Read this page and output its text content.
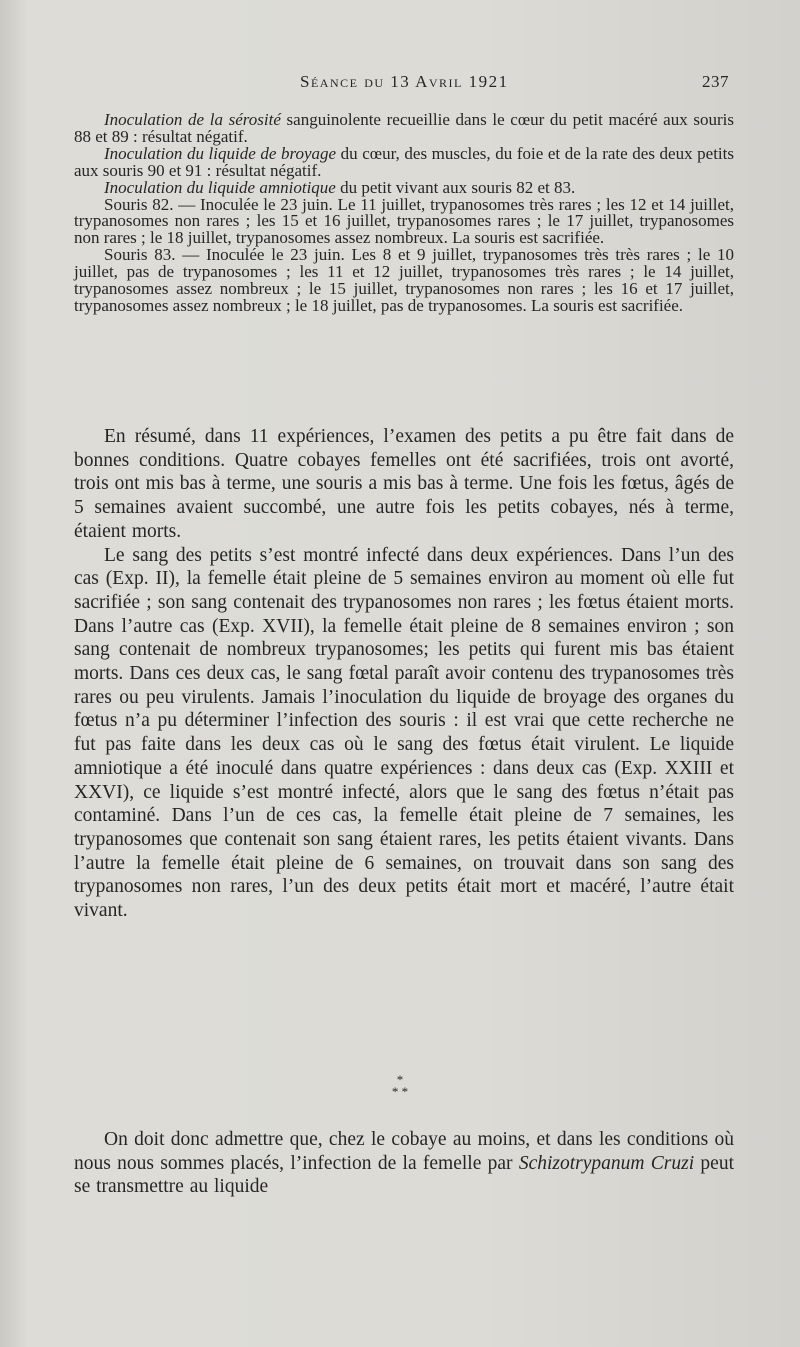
Séance du 13 Avril 1921	237

Inoculation de la sérosité sanguinolente recueillie dans le cœur du petit macéré aux souris 88 et 89 : résultat négatif.

Inoculation du liquide de broyage du cœur, des muscles, du foie et de la rate des deux petits aux souris 90 et 91 : résultat négatif.

Inoculation du liquide amniotique du petit vivant aux souris 82 et 83.

Souris 82. — Inoculée le 23 juin. Le 11 juillet, trypanosomes très rares ; les 12 et 14 juillet, trypanosomes non rares ; les 15 et 16 juillet, trypanosomes rares ; le 17 juillet, trypanosomes non rares ; le 18 juillet, trypanosomes assez nombreux. La souris est sacrifiée.

Souris 83. — Inoculée le 23 juin. Les 8 et 9 juillet, trypanosomes très très rares ; le 10 juillet, pas de trypanosomes ; les 11 et 12 juillet, trypanosomes très rares ; le 14 juillet, trypanosomes assez nombreux ; le 15 juillet, trypanosomes non rares ; les 16 et 17 juillet, trypanosomes assez nombreux ; le 18 juillet, pas de trypanosomes. La souris est sacrifiée.

En résumé, dans 11 expériences, l’examen des petits a pu être fait dans de bonnes conditions. Quatre cobayes femelles ont été sacrifiées, trois ont avorté, trois ont mis bas à terme, une souris a mis bas à terme. Une fois les fœtus, âgés de 5 semaines avaient succombé, une autre fois les petits cobayes, nés à terme, étaient morts.

Le sang des petits s’est montré infecté dans deux expériences. Dans l’un des cas (Exp. II), la femelle était pleine de 5 semaines environ au moment où elle fut sacrifiée ; son sang contenait des trypanosomes non rares ; les fœtus étaient morts. Dans l’autre cas (Exp. XVII), la femelle était pleine de 8 semaines environ ; son sang contenait de nombreux trypanosomes; les petits qui furent mis bas étaient morts. Dans ces deux cas, le sang fœtal paraît avoir contenu des trypanosomes très rares ou peu virulents. Jamais l’inoculation du liquide de broyage des organes du fœtus n’a pu déterminer l’infection des souris : il est vrai que cette recherche ne fut pas faite dans les deux cas où le sang des fœtus était virulent. Le liquide amniotique a été inoculé dans quatre expériences : dans deux cas (Exp. XXIII et XXVI), ce liquide s’est montré infecté, alors que le sang des fœtus n’était pas contaminé. Dans l’un de ces cas, la femelle était pleine de 7 semaines, les trypanosomes que contenait son sang étaient rares, les petits étaient vivants. Dans l’autre la femelle était pleine de 6 semaines, on trouvait dans son sang des trypanosomes non rares, l’un des deux petits était mort et macéré, l’autre était vivant.

*
* *

On doit donc admettre que, chez le cobaye au moins, et dans les conditions où nous nous sommes placés, l’infection de la femelle par Schizotrypanum Cruzi peut se transmettre au liquide
